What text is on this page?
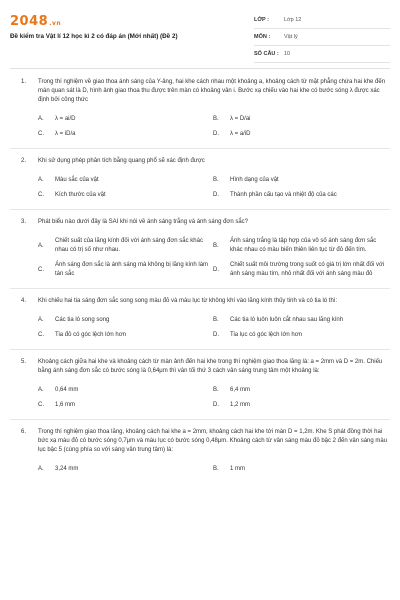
2048.vn
Đề kiểm tra Vật lí 12 học kì 2 có đáp án (Mới nhất) (Đề 2)
LỚP :	Lớp 12
MÔN :	Vật lý
SỐ CÂU : 10
1. Trong thí nghiệm về giao thoa ánh sáng của Y-âng, hai khe cách nhau một khoảng a, khoảng cách từ mặt phẳng chứa hai khe đến màn quan sát là D, hình ảnh giao thoa thu được trên màn có khoảng vân i. Bước xạ chiếu vào hai khe có bước sóng λ được xác định bởi công thức

A.	λ = ai/D	B.	λ = D/ai
C.	λ = iD/a	D.	λ = a/iD
2. Khi sử dụng phép phân tích bằng quang phổ sẽ xác định được

A.	Màu sắc của vật	B.	Hình dạng của vật
C.	Kích thước của vật	D.	Thành phần cấu tạo và nhiệt độ của các
3. Phát biểu nào dưới đây là SAI khi nói về ánh sáng trắng và ánh sáng đơn sắc?

A.
Chiết suất của lăng kính đối với ánh sáng đơn sắc khác nhau có trị số như nhau.
B.
Ánh sáng trắng là tập hợp của vô số ánh sáng đơn sắc khác nhau có màu biến thiên liên tục từ đỏ đến tím.
C.
Ánh sáng đơn sắc là ánh sáng mà không bị lăng kính làm tán sắc
D.
Chiết suất môi trường trong suốt có giá trị lớn nhất đối với ánh sáng màu tím, nhỏ nhất đối với ánh sáng màu đỏ
4. Khi chiếu hai tia sáng đơn sắc song song màu đỏ và màu lục từ không khí vào lăng kính thủy tinh và có tia ló thì:

A.	Các tia ló song song	B.	Các tia ló luôn luôn cắt nhau sau lăng kính
C.	Tia đỏ có góc lệch lớn hơn	D.	Tia lục có góc lệch lớn hơn
5. Khoảng cách giữa hai khe và khoảng cách từ màn ảnh đến hai khe trong thí nghiệm giao thoa lăng là: a = 2mm và D = 2m. Chiếu bằng ánh sáng đơn sắc có bước sóng là 0,64μm thì vân tối thứ 3 cách vân sáng trung tâm một khoảng là:

A.	0,64 mm	B.	6,4 mm
C.	1,6 mm	D.	1,2 mm
6. Trong thí nghiệm giao thoa lăng, khoảng cách hai khe a = 2mm, khoảng cách hai khe tới màn D = 1,2m. Khe S phát đồng thời hai bức xạ màu đỏ có bước sóng 0,7μm và màu lục có bước sóng 0,48μm. Khoảng cách từ vân sáng màu đỏ bậc 2 đến vân sáng màu lục bậc 5 (cùng phía so với sáng vân trung tâm) là:

A.	3,24 mm	B.	1 mm
